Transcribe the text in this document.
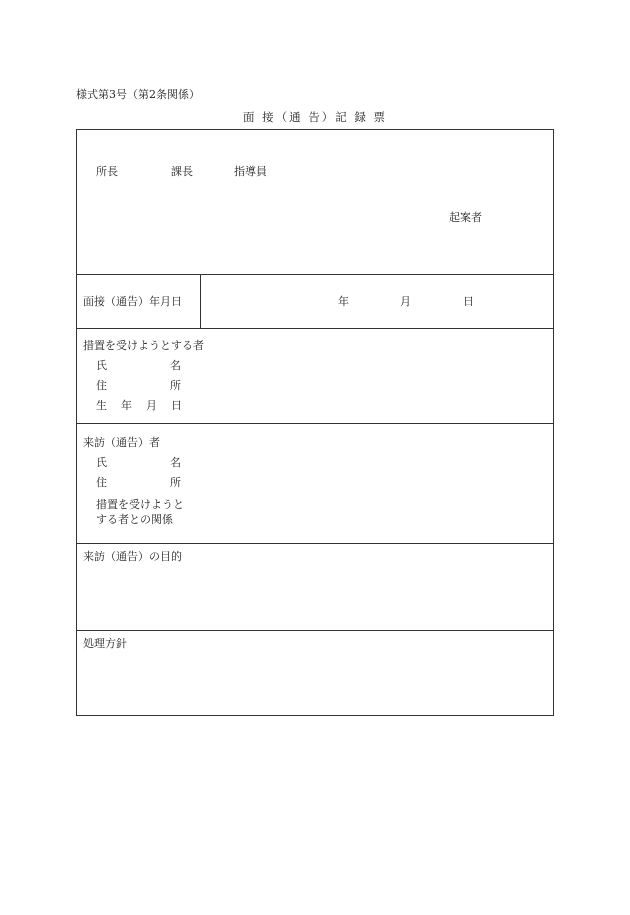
様式第3号（第2条関係）
面 接（通 告）記 録 票
所長	課長	指導員
起案者
面接（通告）年月日	年	月	日
措置を受けようとする者
氏	名
住	所
生 年 月 日
来訪（通告）者
氏	名
住	所
措置を受けようと
する者との関係
来訪（通告）の目的
処理方針
